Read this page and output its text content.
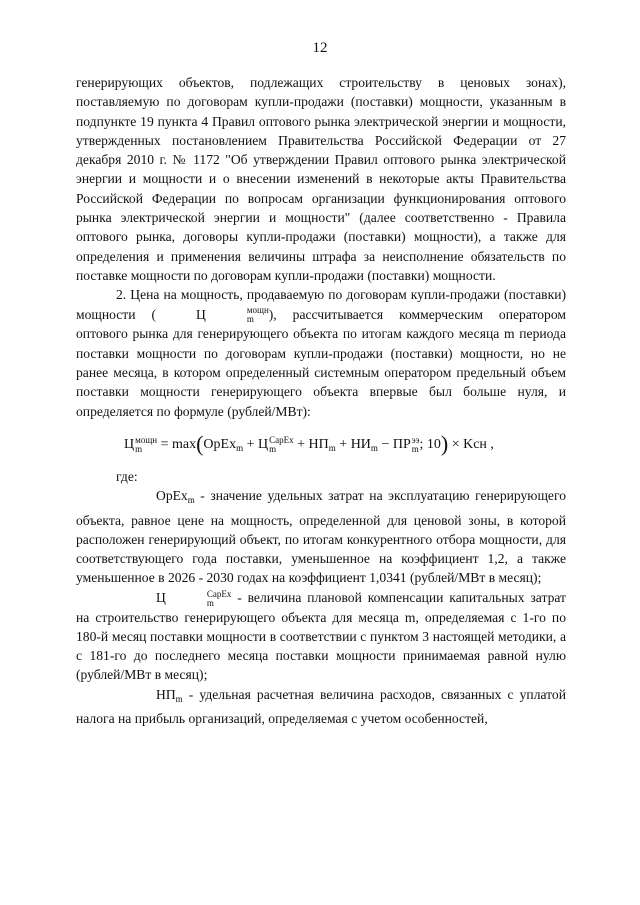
12

генерирующих объектов, подлежащих строительству в ценовых зонах), поставляемую по договорам купли-продажи (поставки) мощности, указанным в подпункте 19 пункта 4 Правил оптового рынка электрической энергии и мощности, утвержденных постановлением Правительства Российской Федерации от 27 декабря 2010 г. № 1172 "Об утверждении Правил оптового рынка электрической энергии и мощности и о внесении изменений в некоторые акты Правительства Российской Федерации по вопросам организации функционирования оптового рынка электрической энергии и мощности" (далее соответственно - Правила оптового рынка, договоры купли-продажи (поставки) мощности), а также для определения и применения величины штрафа за неисполнение обязательств по поставке мощности по договорам купли-продажи (поставки) мощности.

2. Цена на мощность, продаваемую по договорам купли-продажи (поставки) мощности (	Ц	мощн
m	), рассчитывается коммерческим оператором оптового рынка для генерирующего объекта по итогам каждого месяца m периода поставки мощности по договорам купли-продажи (поставки) мощности, но не ранее месяца, в котором определенный системным оператором предельный объем поставки мощности генерирующего объекта впервые был больше нуля, и определяется по формуле (рублей/МВт):

Ц мощн
m	= max(OpEx$_m$ + Ц CapEx
m	+ $НП_m + НИ_m$ − ПР ээ
m ; 10) × Kсн ,

где:

OpEx$_m$ - значение удельных затрат на эксплуатацию генерирующего объекта, равное цене на мощность, определенной для ценовой зоны, в которой расположен генерирующий объект, по итогам конкурентного отбора мощности, для соответствующего года поставки, уменьшенное на коэффициент 1,2, а также уменьшенное в 2026 - 2030 годах на коэффициент 1,0341 (рублей/МВт в месяц);

Ц	CapEx
m	- величина плановой компенсации капитальных затрат на строительство генерирующего объекта для месяца m, определяемая с 1-го по 180-й месяц поставки мощности в соответствии с пунктом 3 настоящей методики, а с 181-го до последнего месяца поставки мощности принимаемая равной нулю (рублей/МВт в месяц);

$НП_m$ - удельная расчетная величина расходов, связанных с уплатой налога на прибыль организаций, определяемая с учетом особенностей,
